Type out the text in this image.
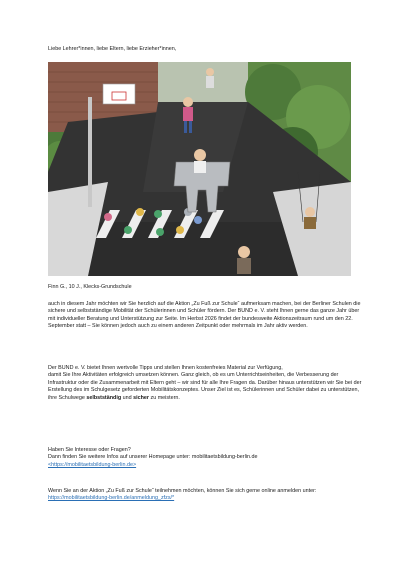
Liebe Lehrer*innen, liebe Eltern, liebe Erzieher*innen,

Finn G., 10 J., Klecks-Grundschule

auch in diesem Jahr möchten wir Sie herzlich auf die Aktion „Zu Fuß zur Schule“ aufmerksam machen, bei der Berliner Schulen die sichere und selbstständige Mobilität der Schülerinnen und Schüler fördern. Der BUND e. V. steht Ihnen gerne das ganze Jahr über mit individueller Beratung und Unterstützung zur Seite. Im Herbst 2026 findet der bundesweite Aktionszeitraum rund um den 22. September statt – Sie können jedoch auch zu einem anderen Zeitpunkt oder mehrmals im Jahr aktiv werden.

Der BUND e. V. bietet Ihnen wertvolle Tipps und stellen Ihnen kostenfreies Material zur Verfügung,
damit Sie Ihre Aktivitäten erfolgreich umsetzen können. Ganz gleich, ob es um Unterrichtseinheiten, die Verbesserung der Infrastruktur oder die Zusammenarbeit mit Eltern geht – wir sind für alle Ihre Fragen da. Darüber hinaus unterstützen wir Sie bei der Erstellung des im Schulgesetz geforderten Mobilitätskonzeptes. Unser Ziel ist es, Schülerinnen und Schüler dabei zu unterstützen, ihre Schulwege selbstständig und sicher zu meistern.
Haben Sie Interesse oder Fragen?
Dann finden Sie weitere Infos auf unserer Homepage unter: mobilitaetsbildung-berlin.de
<https://mobilitaetsbildung-berlin.de>
Wenn Sie an der Aktion „Zu Fuß zur Schule“ teilnehmen möchten, können Sie sich gerne online anmelden unter:
https://mobilitaetsbildung-berlin.de/anmeldung_zfzs/*
